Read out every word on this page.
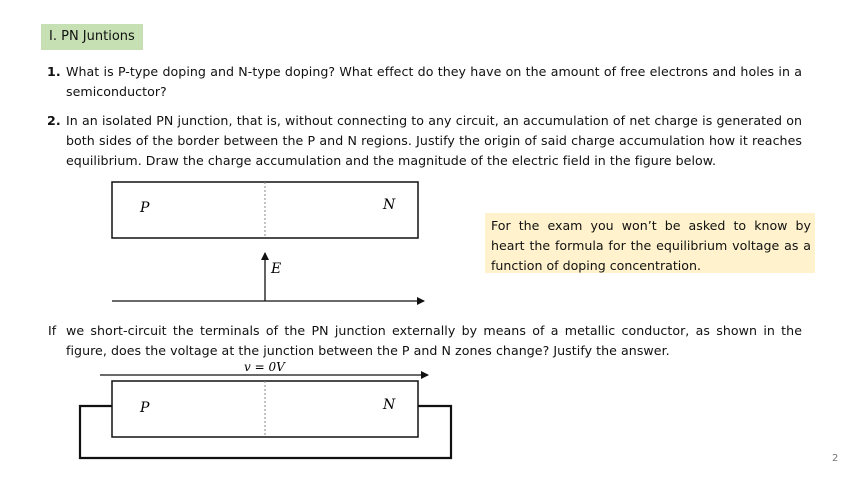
I. PN Juntions
1. What is P-type doping and N-type doping? What effect do they have on the amount of free electrons and holes in a semiconductor?
2. In an isolated PN junction, that is, without connecting to any circuit, an accumulation of net charge is generated on both sides of the border between the P and N regions. Justify the origin of said charge accumulation how it reaches equilibrium. Draw the charge accumulation and the magnitude of the electric field in the figure below.
For the exam you won’t be asked to know by heart the formula for the equilibrium voltage as a function of doping concentration.
If we short-circuit the terminals of the PN junction externally by means of a metallic conductor, as shown in the figure, does the voltage at the junction between the P and N zones change? Justify the answer.
P	N
E
v = 0V
P	N
2
